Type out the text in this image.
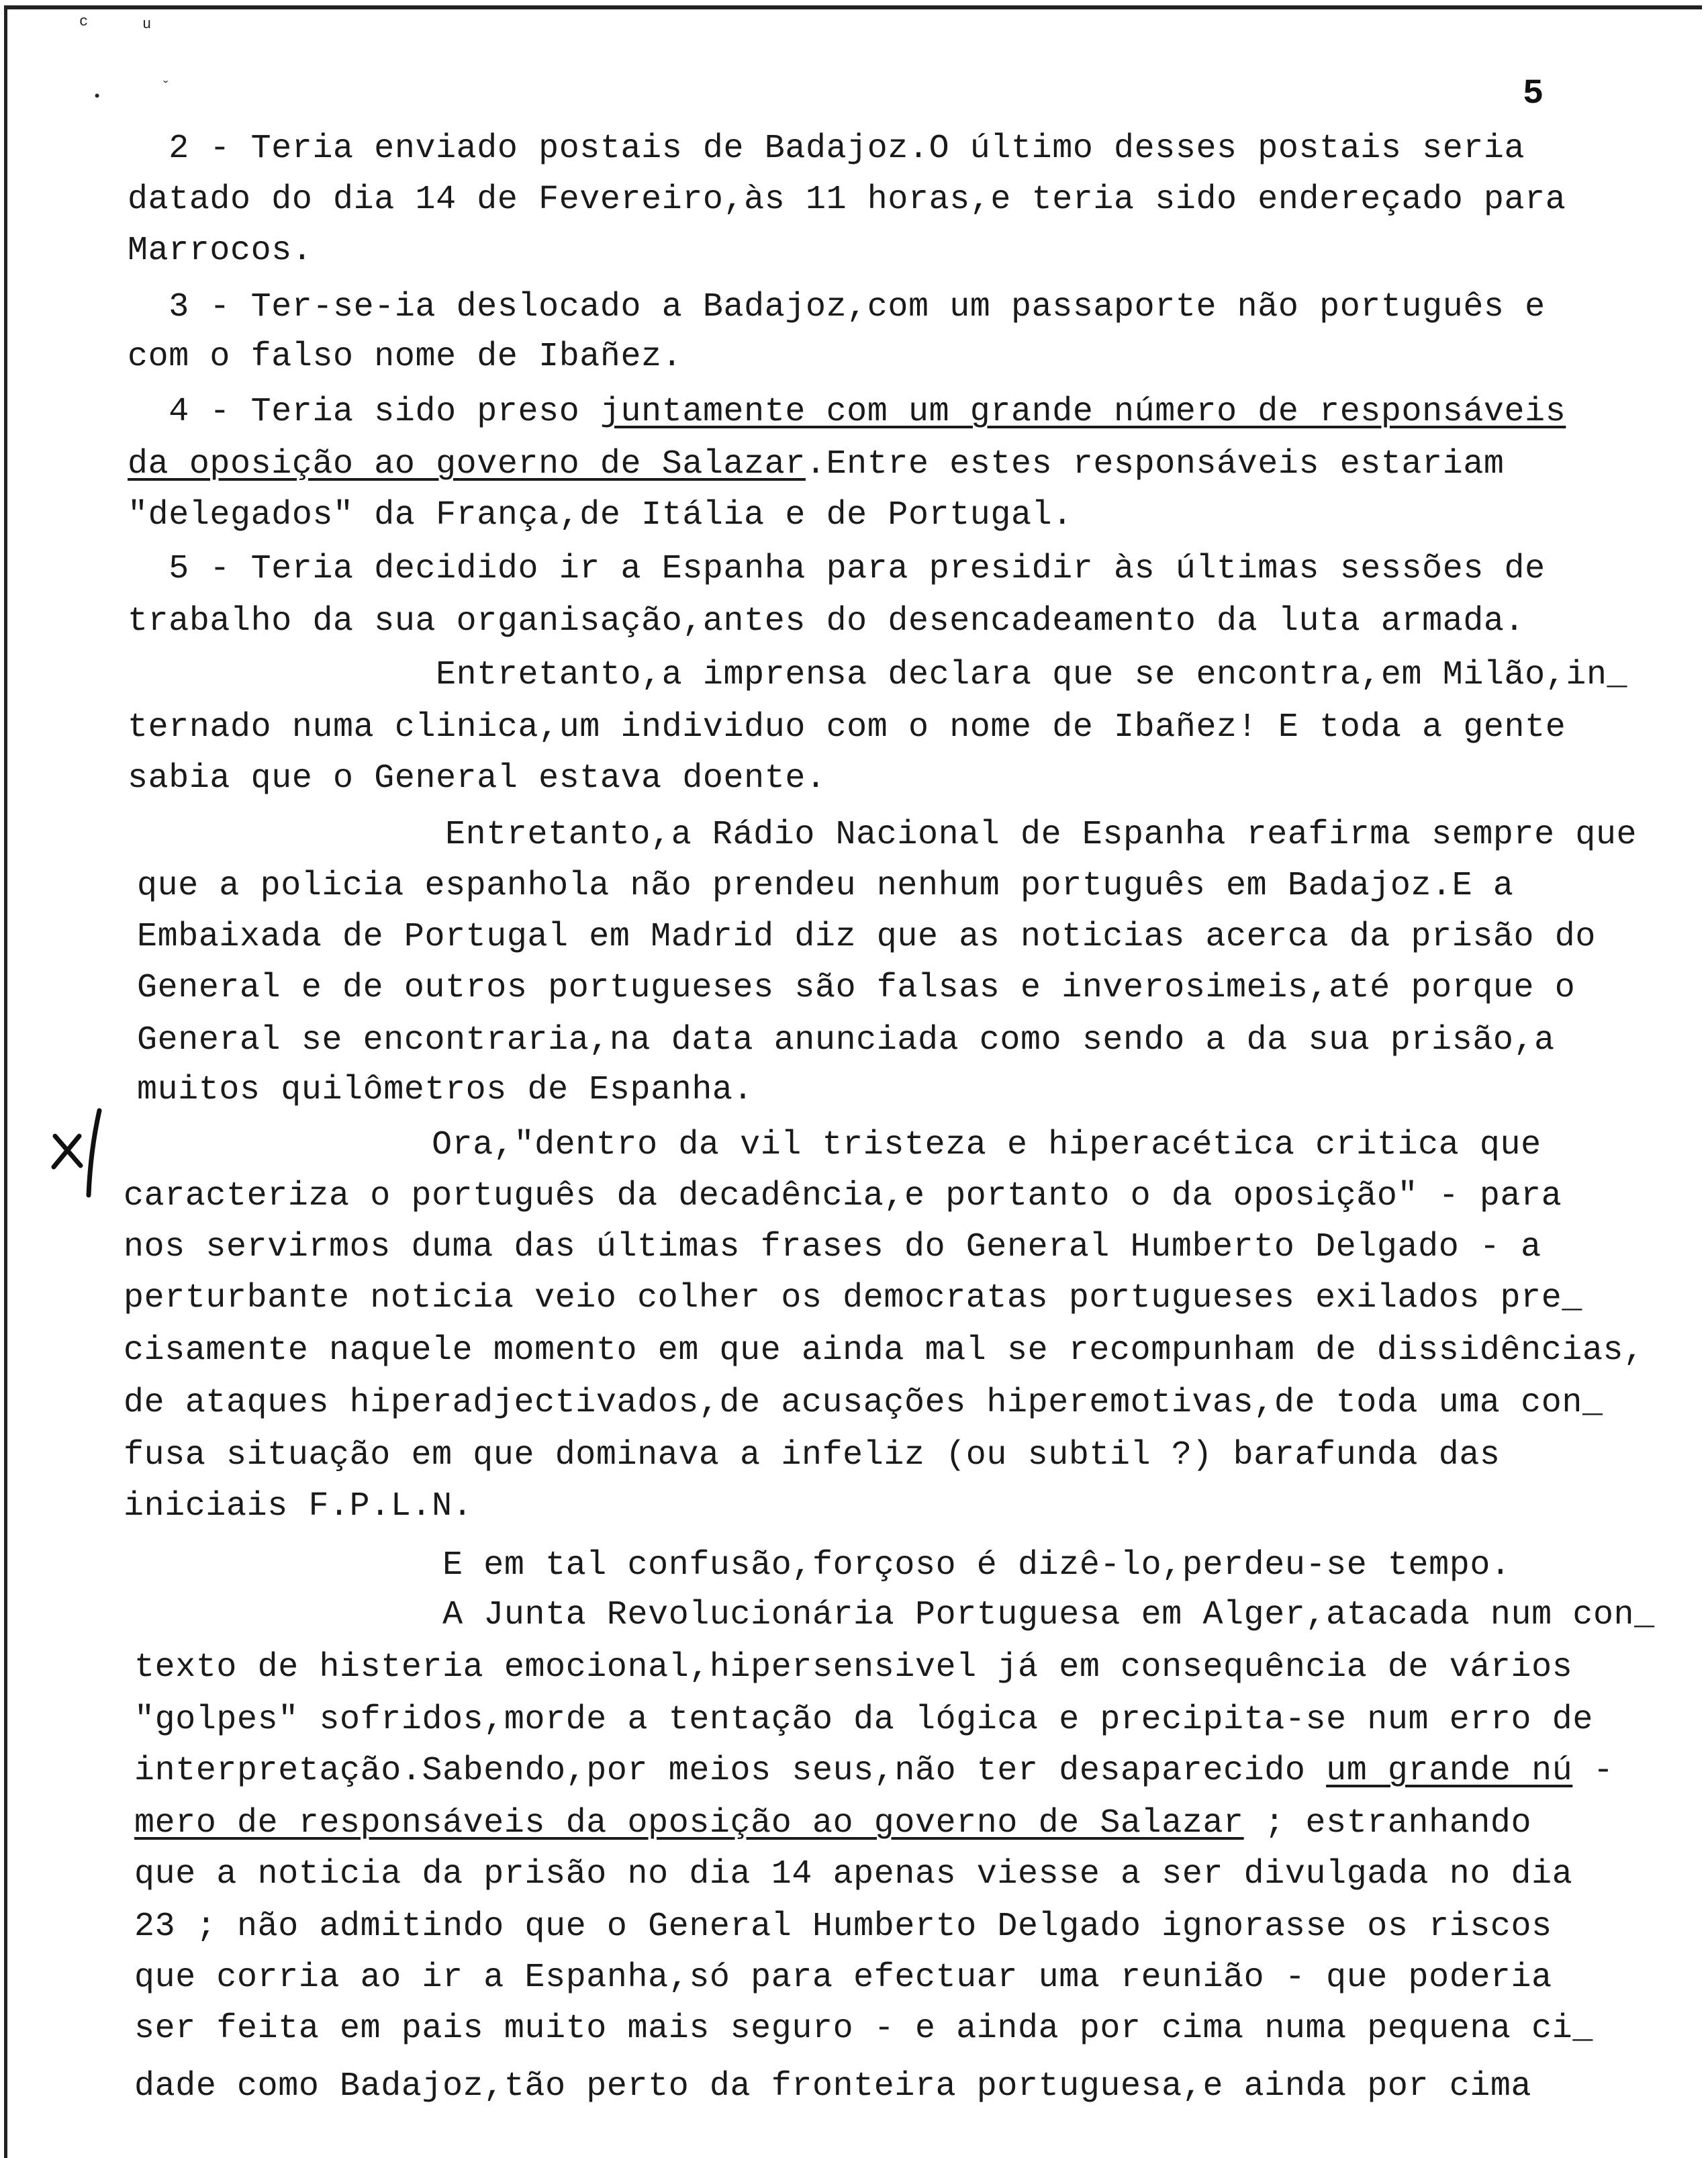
c	u
•
ˇ	5
2 - Teria enviado postais de Badajoz.O último desses postais seria
datado do dia 14 de Fevereiro,às 11 horas,e teria sido endereçado para
Marrocos.
3 - Ter-se-ia deslocado a Badajoz,com um passaporte não português e
com o falso nome de Ibañez.
4 - Teria sido preso juntamente com um grande número de responsáveis
da oposição ao governo de Salazar.Entre estes responsáveis estariam
"delegados" da França,de Itália e de Portugal.
5 - Teria decidido ir a Espanha para presidir às últimas sessões de
trabalho da sua organisação,antes do desencadeamento da luta armada.
Entretanto,a imprensa declara que se encontra,em Milão,in_
ternado numa clinica,um individuo com o nome de Ibañez! E toda a gente
sabia que o General estava doente.
Entretanto,a Rádio Nacional de Espanha reafirma sempre que
que a policia espanhola não prendeu nenhum português em Badajoz.E a
Embaixada de Portugal em Madrid diz que as noticias acerca da prisão do
General e de outros portugueses são falsas e inverosimeis,até porque o
General se encontraria,na data anunciada como sendo a da sua prisão,a
muitos quilômetros de Espanha.
Ora,"dentro da vil tristeza e hiperacética critica que
caracteriza o português da decadência,e portanto o da oposição" - para
nos servirmos duma das últimas frases do General Humberto Delgado - a
perturbante noticia veio colher os democratas portugueses exilados pre_
cisamente naquele momento em que ainda mal se recompunham de dissidências,
de ataques hiperadjectivados,de acusações hiperemotivas,de toda uma con_
fusa situação em que dominava a infeliz (ou subtil ?) barafunda das
iniciais F.P.L.N.
E em tal confusão,forçoso é dizê-lo,perdeu-se tempo.
A Junta Revolucionária Portuguesa em Alger,atacada num con_
texto de histeria emocional,hipersensivel já em consequência de vários
"golpes" sofridos,morde a tentação da lógica e precipita-se num erro de
interpretação.Sabendo,por meios seus,não ter desaparecido um grande nú -
mero de responsáveis da oposição ao governo de Salazar ; estranhando
que a noticia da prisão no dia 14 apenas viesse a ser divulgada no dia
23 ; não admitindo que o General Humberto Delgado ignorasse os riscos
que corria ao ir a Espanha,só para efectuar uma reunião - que poderia
ser feita em pais muito mais seguro - e ainda por cima numa pequena ci_
dade como Badajoz,tão perto da fronteira portuguesa,e ainda por cima
